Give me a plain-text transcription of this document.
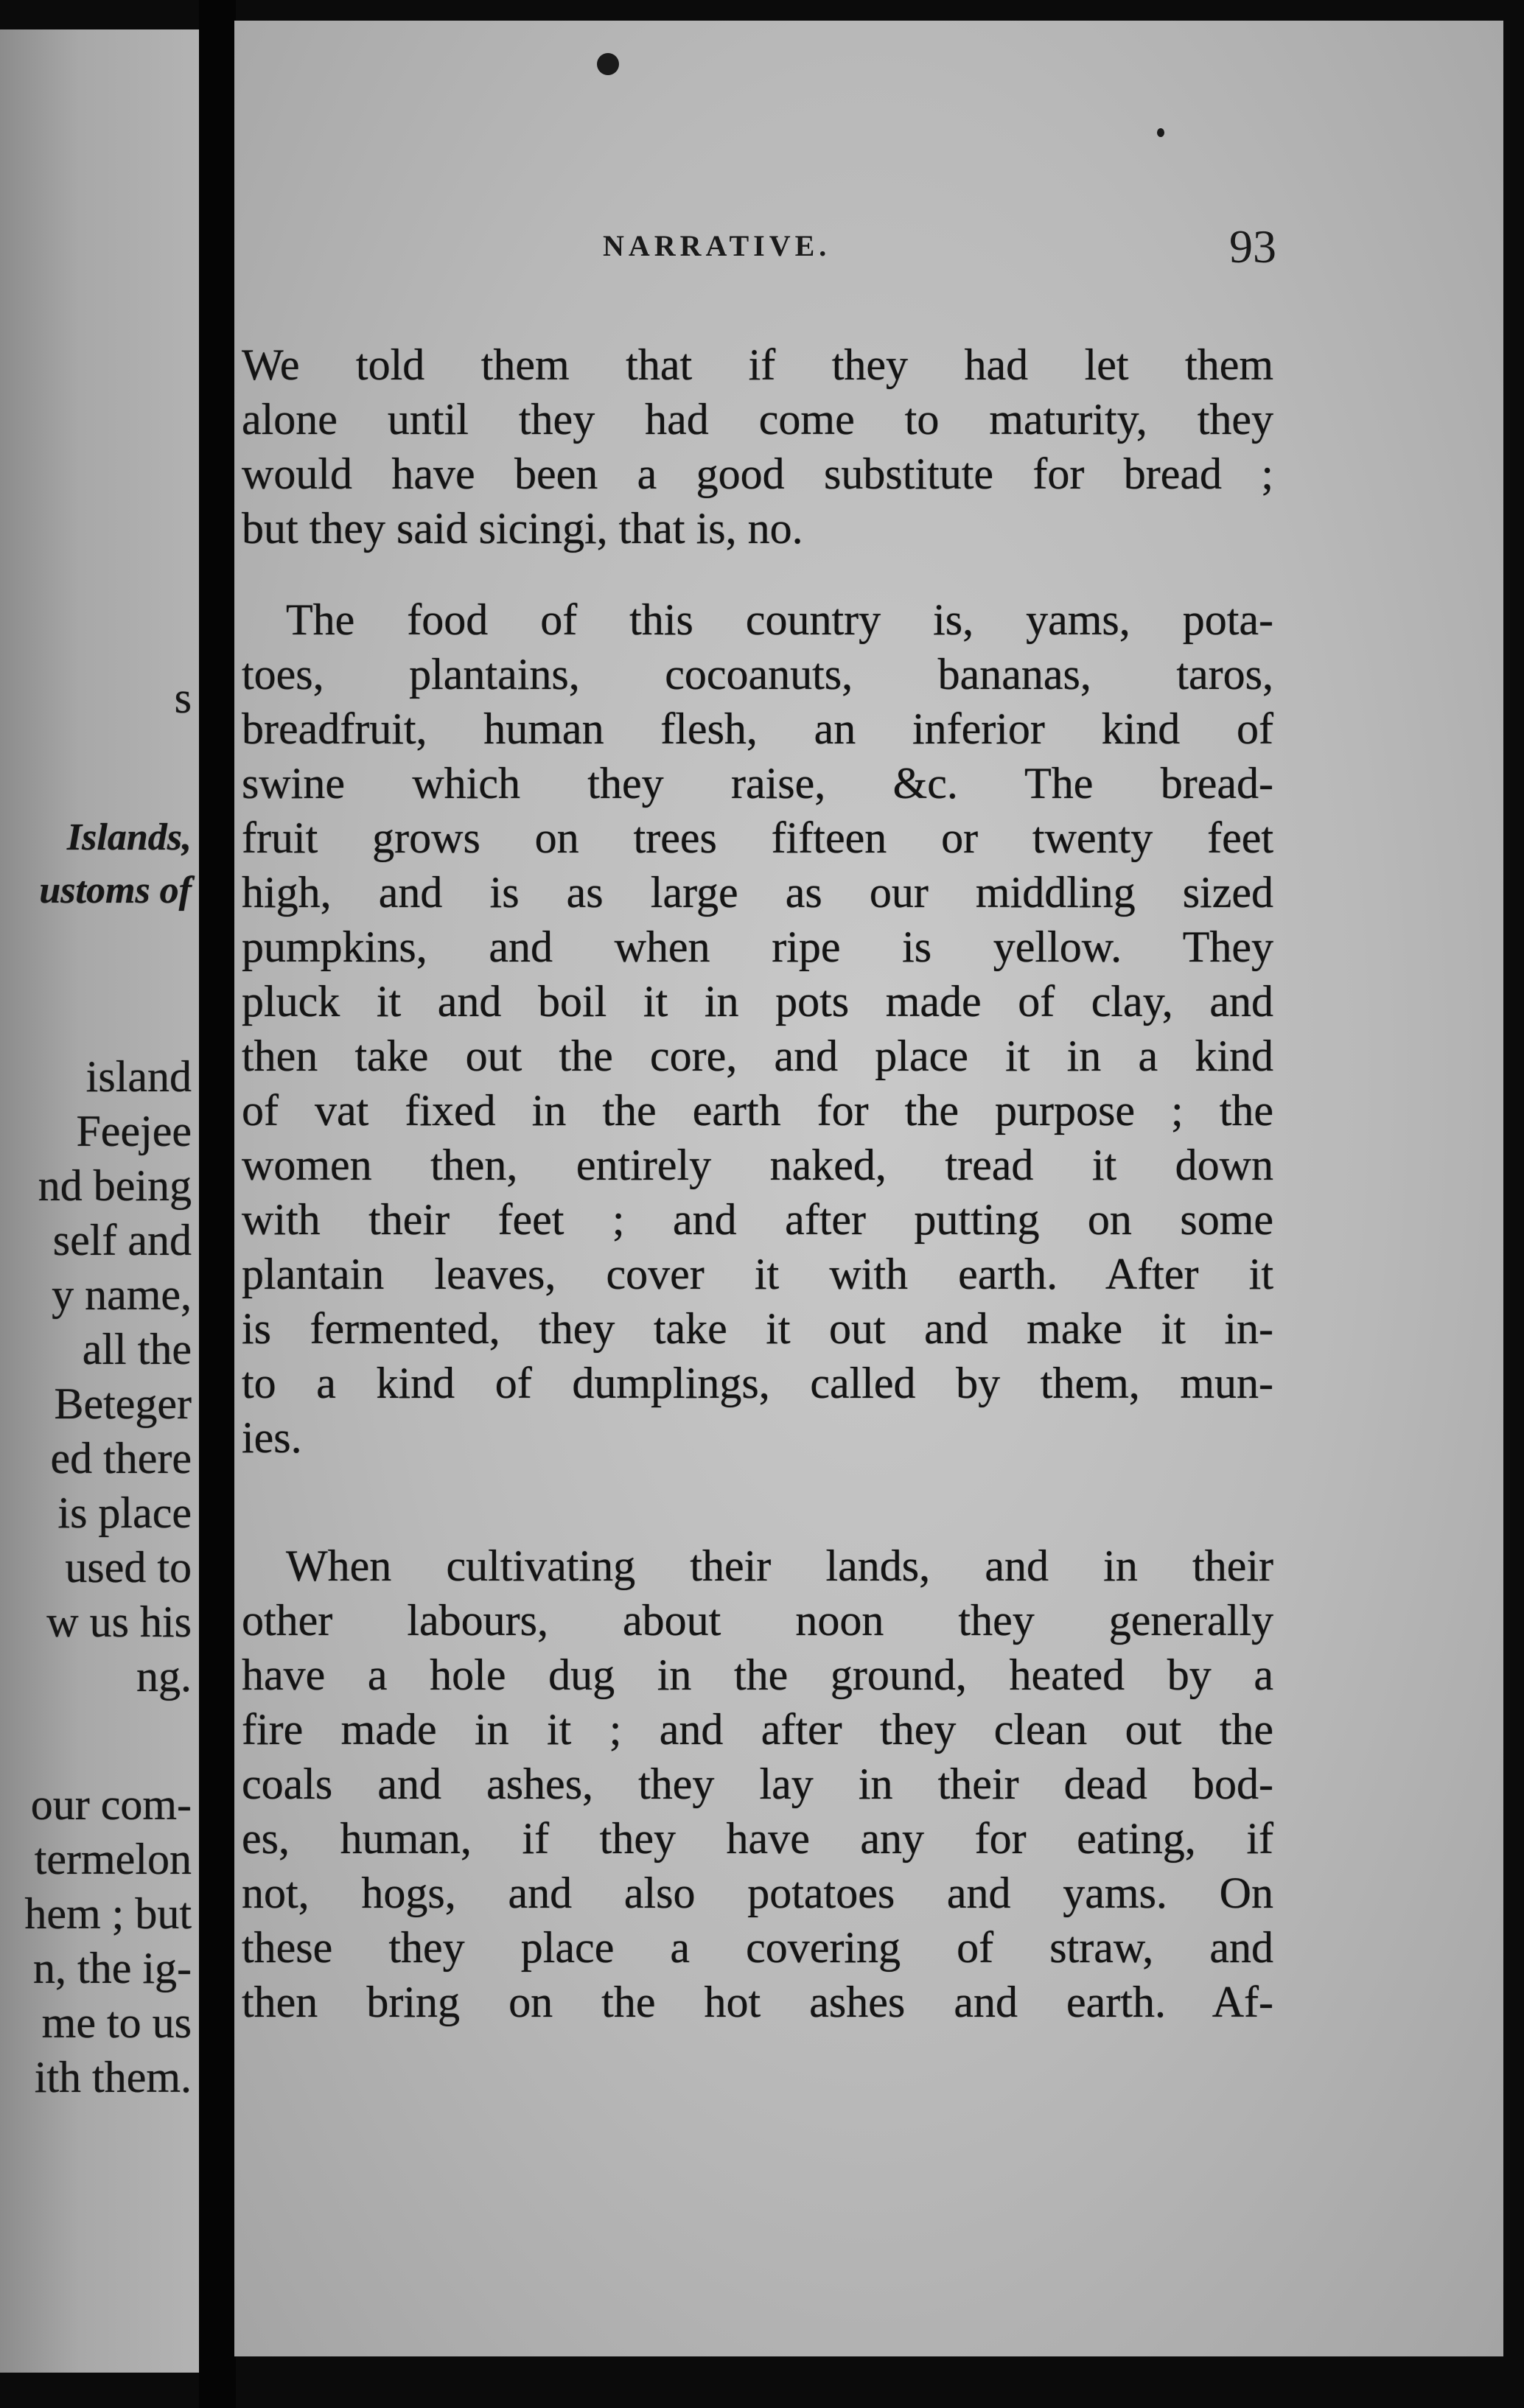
s
Islands,
ustoms of
island
Feejee
nd being
self and
y name,
all the
Beteger
ed there
is place
used to
w us his
ng.
our com-
termelon
hem ; but
n, the ig-
me to us
ith them.
NARRATIVE.	93
We told them that if they had let them
alone until they had come to maturity, they
would have been a good substitute for bread ;
but they said sicingi, that is, no.
The food of this country is, yams, pota-
toes, plantains, cocoanuts, bananas, taros,
breadfruit, human flesh, an inferior kind of
swine which they raise, &c. The bread-
fruit grows on trees fifteen or twenty feet
high, and is as large as our middling sized
pumpkins, and when ripe is yellow. They
pluck it and boil it in pots made of clay, and
then take out the core, and place it in a kind
of vat fixed in the earth for the purpose ; the
women then, entirely naked, tread it down
with their feet ; and after putting on some
plantain leaves, cover it with earth. After it
is fermented, they take it out and make it in-
to a kind of dumplings, called by them, mun-
ies.
When cultivating their lands, and in their
other labours, about noon they generally
have a hole dug in the ground, heated by a
fire made in it ; and after they clean out the
coals and ashes, they lay in their dead bod-
es, human, if they have any for eating, if
not, hogs, and also potatoes and yams. On
these they place a covering of straw, and
then bring on the hot ashes and earth. Af-
